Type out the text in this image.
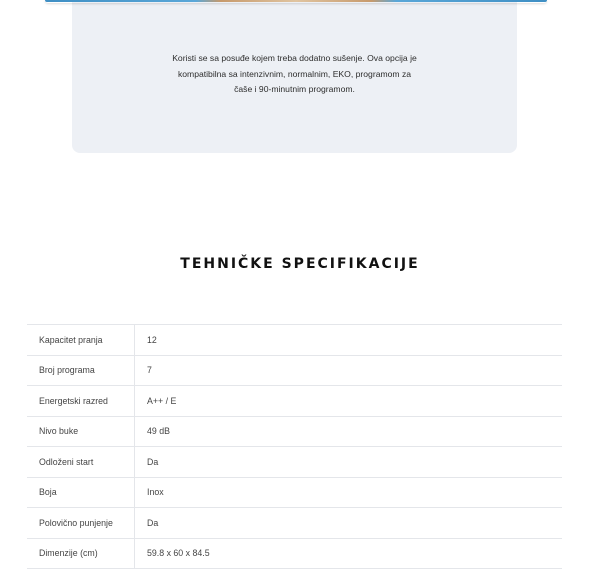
Koristi se sa posuđe kojem treba dodatno sušenje. Ova opcija je kompatibilna sa intenzivnim, normalnim, EKO, programom za čaše i 90-minutnim programom.

TEHNIČKE SPECIFIKACIJE
Kapacitet pranja	12
Broj programa	7
Energetski razred	A++ / E
Nivo buke	49 dB
Odloženi start	Da
Boja	Inox
Polovično punjenje	Da
Dimenzije (cm)	59.8 x 60 x 84.5
